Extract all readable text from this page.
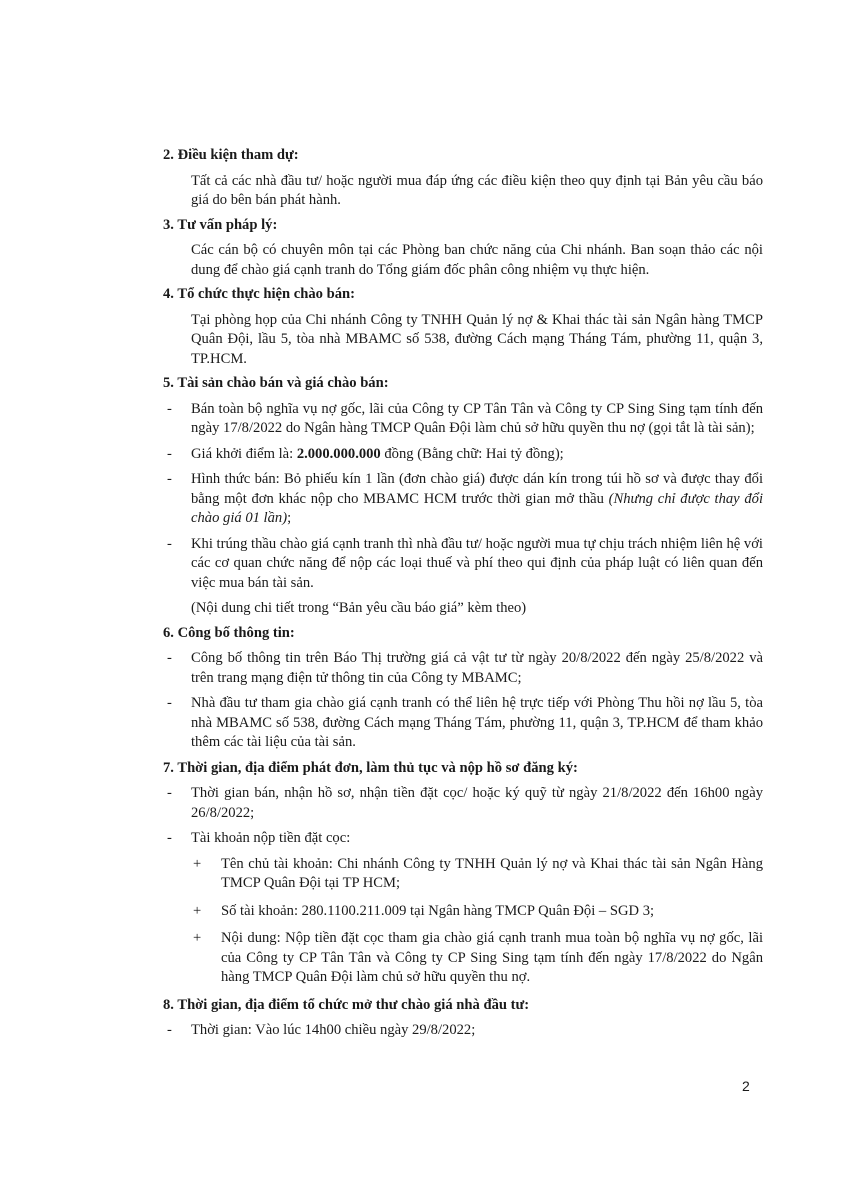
2. Điều kiện tham dự:
Tất cả các nhà đầu tư/ hoặc người mua đáp ứng các điều kiện theo quy định tại Bản yêu cầu báo giá do bên bán phát hành.
3. Tư vấn pháp lý:
Các cán bộ có chuyên môn tại các Phòng ban chức năng của Chi nhánh. Ban soạn thảo các nội dung để chào giá cạnh tranh do Tổng giám đốc phân công nhiệm vụ thực hiện.
4. Tổ chức thực hiện chào bán:
Tại phòng họp của Chi nhánh Công ty TNHH Quản lý nợ & Khai thác tài sản Ngân hàng TMCP Quân Đội, lầu 5, tòa nhà MBAMC số 538, đường Cách mạng Tháng Tám, phường 11, quận 3, TP.HCM.
5. Tài sản chào bán và giá chào bán:
- Bán toàn bộ nghĩa vụ nợ gốc, lãi của Công ty CP Tân Tân và Công ty CP Sing Sing tạm tính đến ngày 17/8/2022 do Ngân hàng TMCP Quân Đội làm chủ sở hữu quyền thu nợ (gọi tắt là tài sản);
- Giá khởi điểm là: 2.000.000.000 đồng (Bằng chữ: Hai tỷ đồng);
- Hình thức bán: Bỏ phiếu kín 1 lần (đơn chào giá) được dán kín trong túi hồ sơ và được thay đổi bằng một đơn khác nộp cho MBAMC HCM trước thời gian mở thầu (Nhưng chỉ được thay đổi chào giá 01 lần);
- Khi trúng thầu chào giá cạnh tranh thì nhà đầu tư/ hoặc người mua tự chịu trách nhiệm liên hệ với các cơ quan chức năng để nộp các loại thuế và phí theo qui định của pháp luật có liên quan đến việc mua bán tài sản.
(Nội dung chi tiết trong “Bản yêu cầu báo giá” kèm theo)
6. Công bố thông tin:
- Công bố thông tin trên Báo Thị trường giá cả vật tư từ ngày 20/8/2022 đến ngày 25/8/2022 và trên trang mạng điện tử thông tin của Công ty MBAMC;
- Nhà đầu tư tham gia chào giá cạnh tranh có thể liên hệ trực tiếp với Phòng Thu hồi nợ lầu 5, tòa nhà MBAMC số 538, đường Cách mạng Tháng Tám, phường 11, quận 3, TP.HCM để tham khảo thêm các tài liệu của tài sản.
7. Thời gian, địa điểm phát đơn, làm thủ tục và nộp hồ sơ đăng ký:
- Thời gian bán, nhận hồ sơ, nhận tiền đặt cọc/ hoặc ký quỹ từ ngày 21/8/2022 đến 16h00 ngày 26/8/2022;
- Tài khoản nộp tiền đặt cọc:
+ Tên chủ tài khoản: Chi nhánh Công ty TNHH Quản lý nợ và Khai thác tài sản Ngân Hàng TMCP Quân Đội tại TP HCM;
+ Số tài khoản: 280.1100.211.009 tại Ngân hàng TMCP Quân Đội – SGD 3;
+ Nội dung: Nộp tiền đặt cọc tham gia chào giá cạnh tranh mua toàn bộ nghĩa vụ nợ gốc, lãi của Công ty CP Tân Tân và Công ty CP Sing Sing tạm tính đến ngày 17/8/2022 do Ngân hàng TMCP Quân Đội làm chủ sở hữu quyền thu nợ.
8. Thời gian, địa điểm tổ chức mở thư chào giá nhà đầu tư:
- Thời gian: Vào lúc 14h00 chiều ngày 29/8/2022;
2
